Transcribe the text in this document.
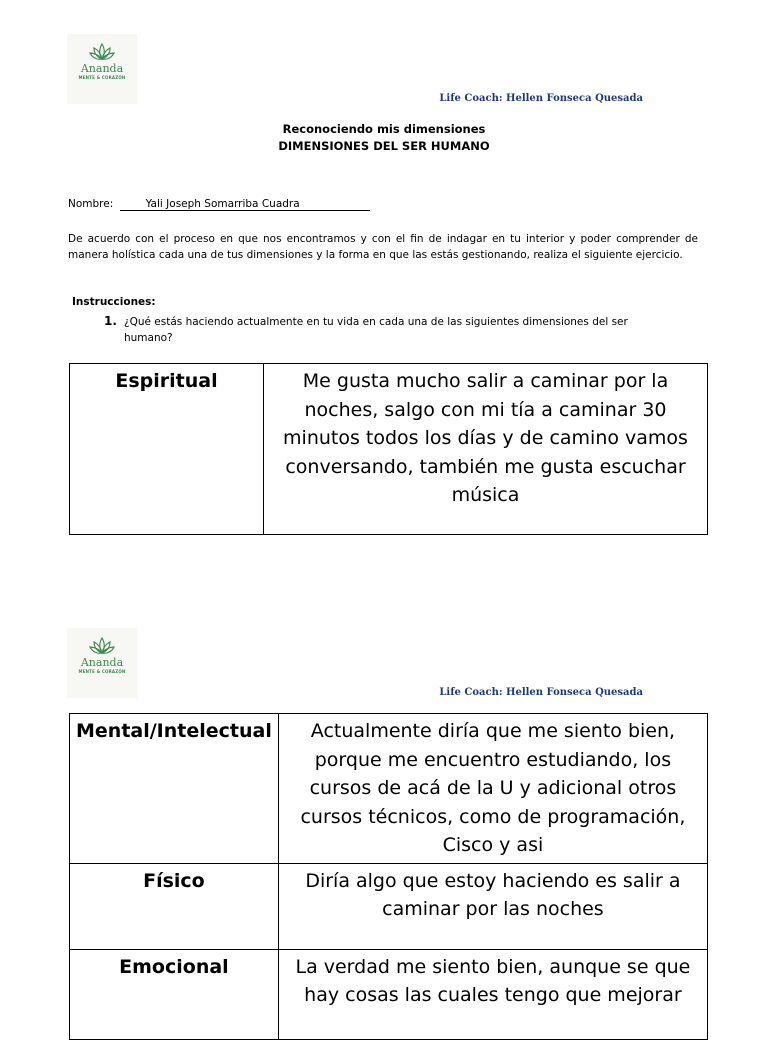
Ananda
MENTE & CORAZÓN
Life Coach: Hellen Fonseca Quesada
Reconociendo mis dimensiones
DIMENSIONES DEL SER HUMANO
Nombre:	Yali Joseph Somarriba Cuadra
De acuerdo con el proceso en que nos encontramos y con el fin de indagar en tu interior y poder comprender de manera holística cada una de tus dimensiones y la forma en que las estás gestionando, realiza el siguiente ejercicio.
Instrucciones:
1. ¿Qué estás haciendo actualmente en tu vida en cada una de las siguientes dimensiones del ser humano?
Espiritual	Me gusta mucho salir a caminar por la noches, salgo con mi tía a caminar 30 minutos todos los días y de camino vamos conversando, también me gusta escuchar música
Ananda
MENTE & CORAZÓN
Life Coach: Hellen Fonseca Quesada
Mental/Intelectual	Actualmente diría que me siento bien, porque me encuentro estudiando, los cursos de acá de la U y adicional otros cursos técnicos, como de programación, Cisco y asi
Físico	Diría algo que estoy haciendo es salir a caminar por las noches
Emocional	La verdad me siento bien, aunque se que hay cosas las cuales tengo que mejorar
